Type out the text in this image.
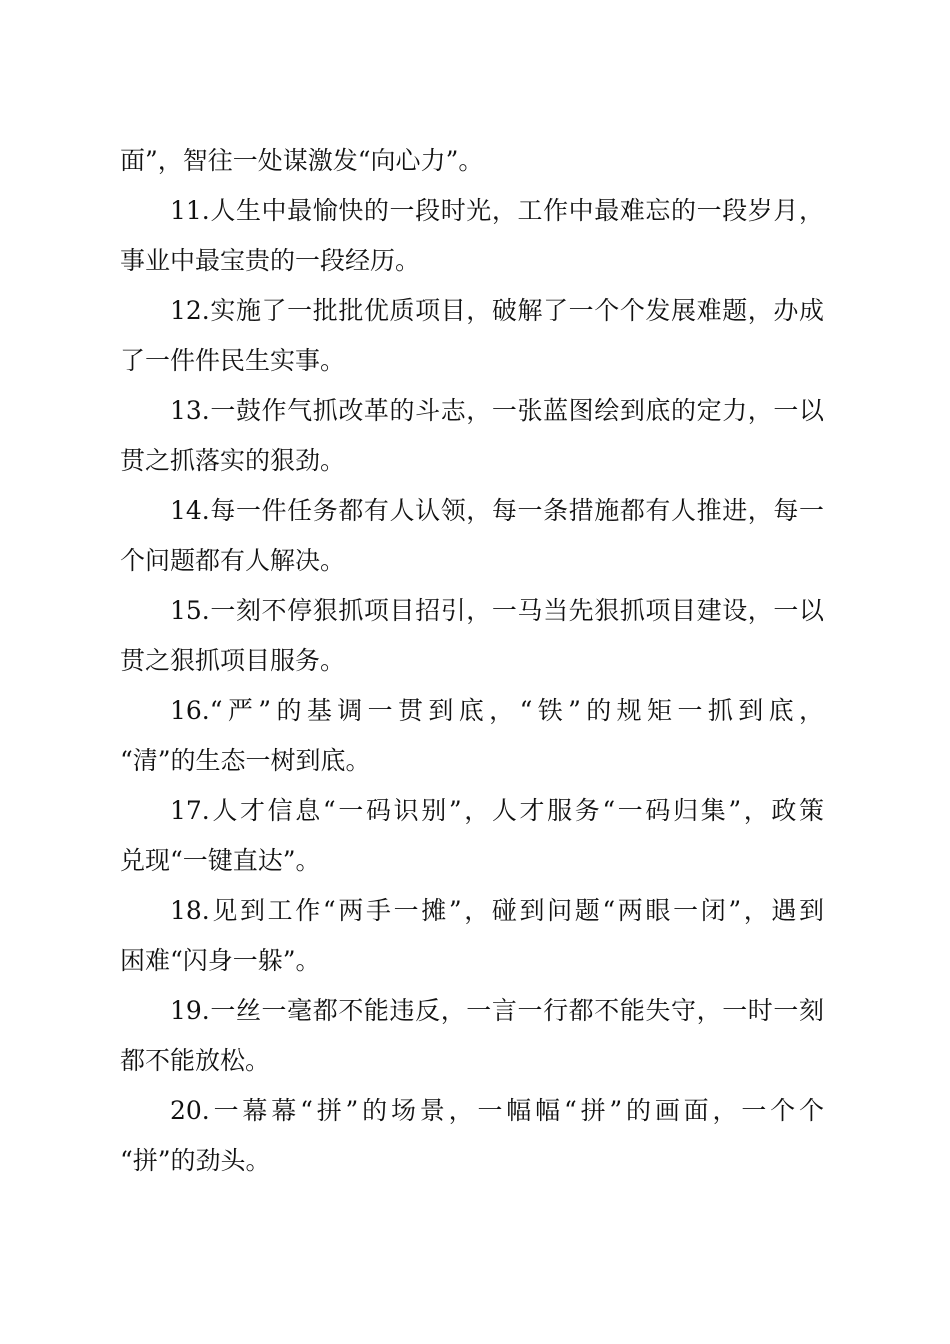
面”，智往一处谋激发“向心力”。
11.人生中最愉快的一段时光，工作中最难忘的一段岁月，
事业中最宝贵的一段经历。
12.实施了一批批优质项目，破解了一个个发展难题，办成
了一件件民生实事。
13.一鼓作气抓改革的斗志，一张蓝图绘到底的定力，一以
贯之抓落实的狠劲。
14.每一件任务都有人认领，每一条措施都有人推进，每一
个问题都有人解决。
15.一刻不停狠抓项目招引，一马当先狠抓项目建设，一以
贯之狠抓项目服务。
16.“严”的基调一贯到底，“铁”的规矩一抓到底，
“清”的生态一树到底。
17.人才信息“一码识别”，人才服务“一码归集”，政策
兑现“一键直达”。
18.见到工作“两手一摊”，碰到问题“两眼一闭”，遇到
困难“闪身一躲”。
19.一丝一毫都不能违反，一言一行都不能失守，一时一刻
都不能放松。
20.一幕幕“拼”的场景，一幅幅“拼”的画面，一个个
“拼”的劲头。
